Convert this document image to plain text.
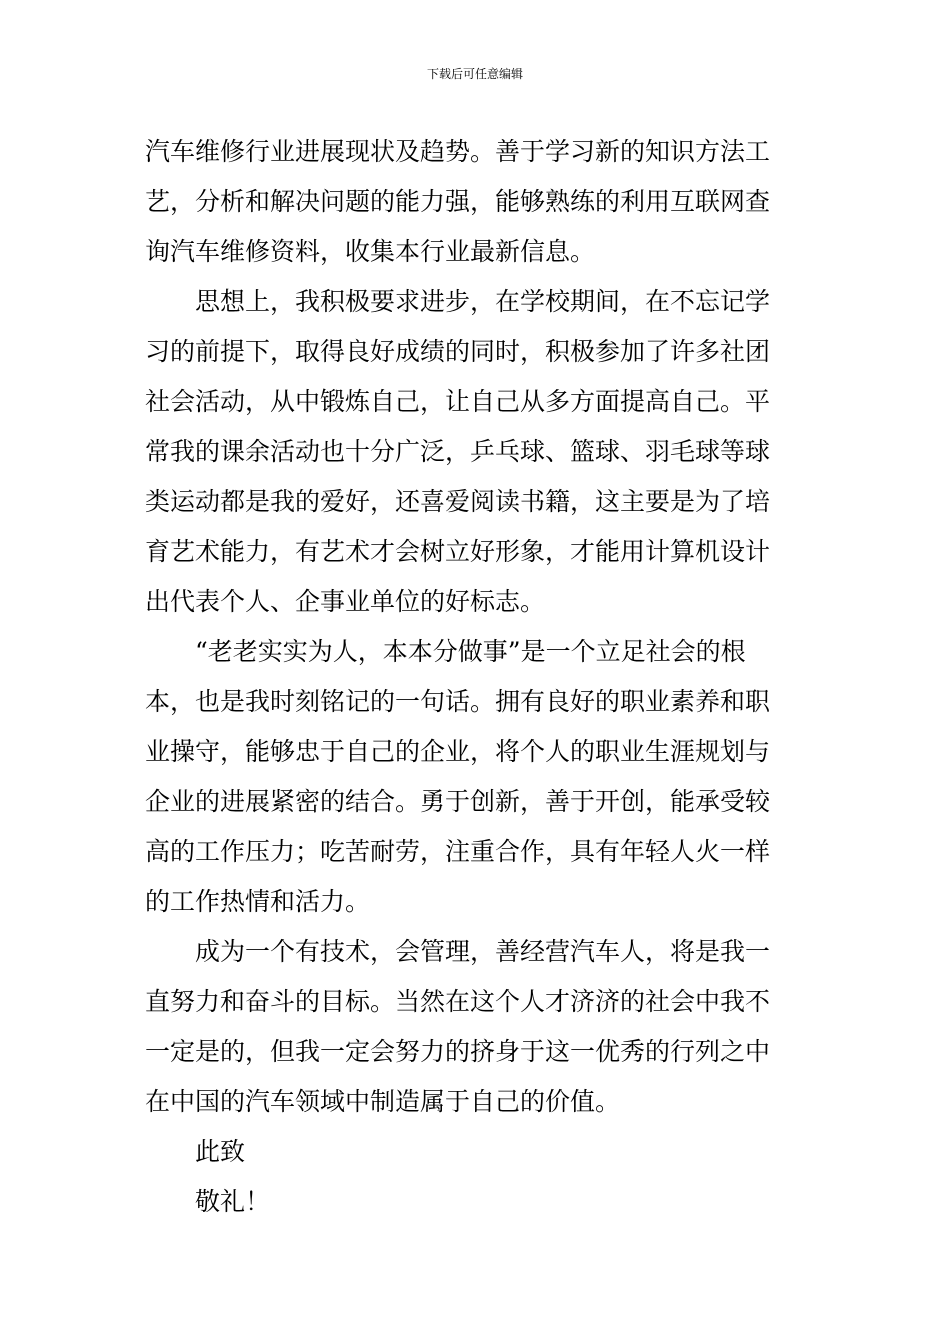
下载后可任意编辑

汽车维修行业进展现状及趋势。善于学习新的知识方法工
艺，分析和解决问题的能力强，能够熟练的利用互联网查
询汽车维修资料，收集本行业最新信息。

思想上，我积极要求进步，在学校期间，在不忘记学
习的前提下，取得良好成绩的同时，积极参加了许多社团
社会活动，从中锻炼自己，让自己从多方面提高自己。平
常我的课余活动也十分广泛，乒乓球、篮球、羽毛球等球
类运动都是我的爱好，还喜爱阅读书籍，这主要是为了培
育艺术能力，有艺术才会树立好形象，才能用计算机设计
出代表个人、企事业单位的好标志。

“老老实实为人，本本分做事”是一个立足社会的根
本，也是我时刻铭记的一句话。拥有良好的职业素养和职
业操守，能够忠于自己的企业，将个人的职业生涯规划与
企业的进展紧密的结合。勇于创新，善于开创，能承受较
高的工作压力；吃苦耐劳，注重合作，具有年轻人火一样
的工作热情和活力。

成为一个有技术，会管理，善经营汽车人，将是我一
直努力和奋斗的目标。当然在这个人才济济的社会中我不
一定是的，但我一定会努力的挤身于这一优秀的行列之中
在中国的汽车领域中制造属于自己的价值。

此致

敬礼！
